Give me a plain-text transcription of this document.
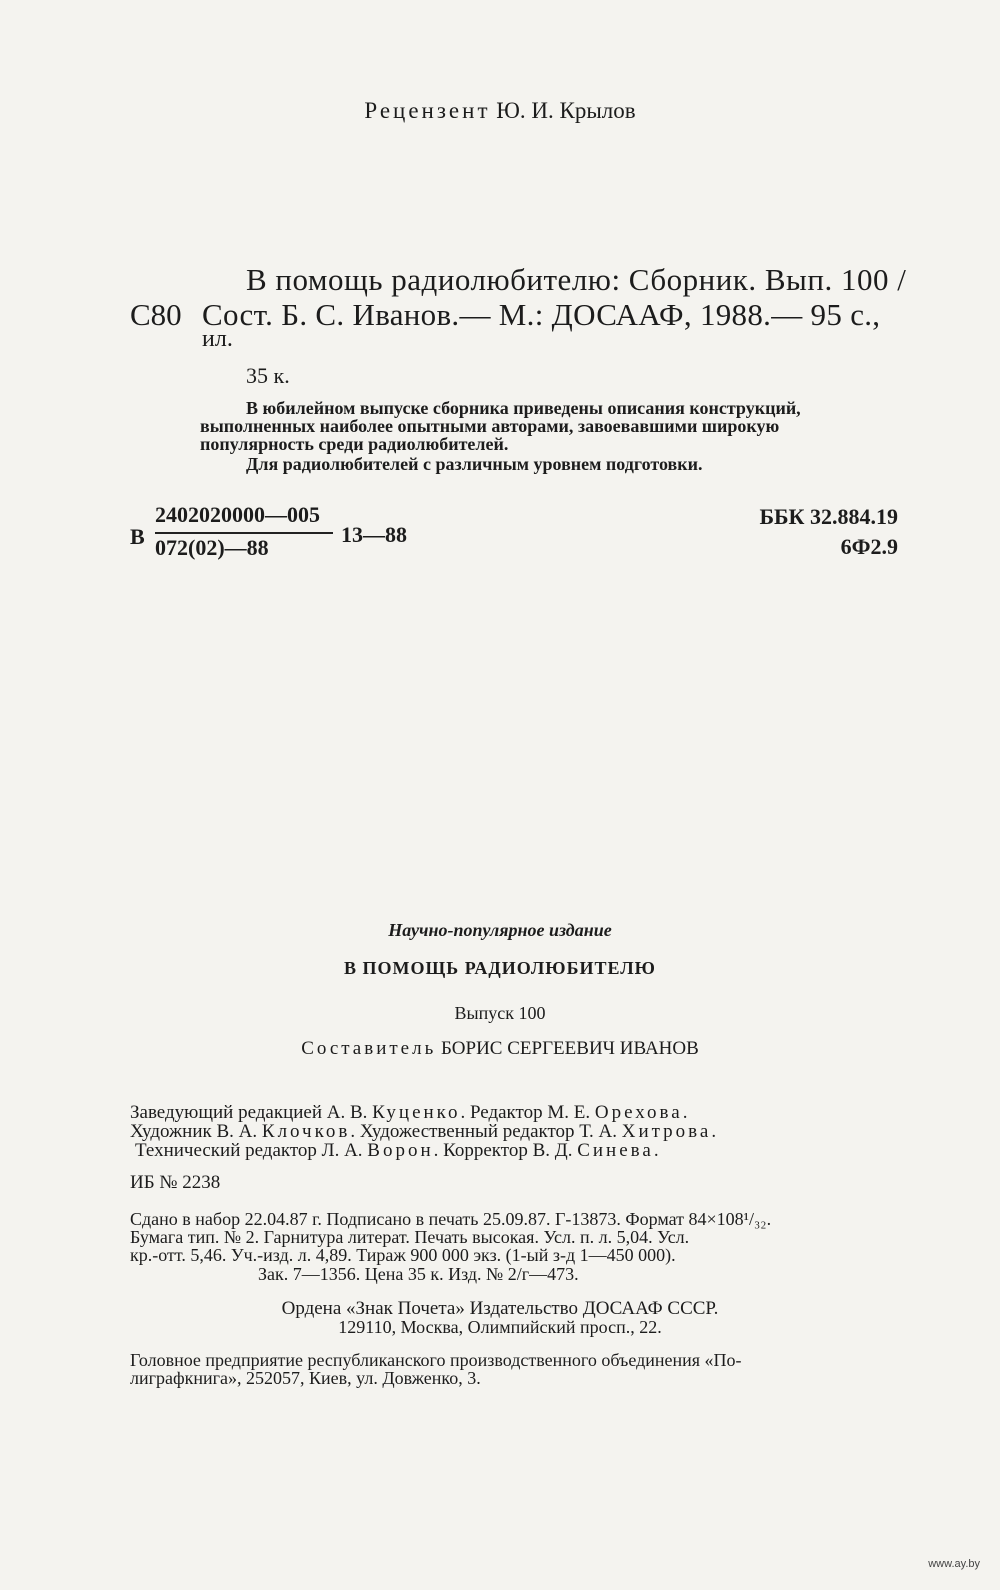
Рецензент Ю. И. Крылов
В помощь радиолюбителю: Сборник. Вып. 100 /
С80 Сост. Б. С. Иванов.— М.: ДОСААФ, 1988.— 95 с.,
ил.
35 к.
В юбилейном выпуске сборника приведены описания конструкций,
выполненных наиболее опытными авторами, завоевавшими широкую
популярность среди радиолюбителей.
Для радиолюбителей с различным уровнем подготовки.
В
2402020000—005
072(02)—88
13—88
ББК 32.884.19
6Ф2.9
Научно-популярное издание
В ПОМОЩЬ РАДИОЛЮБИТЕЛЮ
Выпуск 100
Составитель БОРИС СЕРГЕЕВИЧ ИВАНОВ
Заведующий редакцией А. В. Куценко. Редактор М. Е. Орехова.
Художник В. А. Клочков. Художественный редактор Т. А. Хитрова.
Технический редактор Л. А. Ворон. Корректор В. Д. Синева.
ИБ № 2238
Сдано в набор 22.04.87 г. Подписано в печать 25.09.87. Г-13873. Формат 84×108¹/₃₂.
Бумага тип. № 2. Гарнитура литерат. Печать высокая. Усл. п. л. 5,04. Усл.
кр.-отт. 5,46. Уч.-изд. л. 4,89. Тираж 900 000 экз. (1-ый з-д 1—450 000).
Зак. 7—1356. Цена 35 к. Изд. № 2/г—473.
Ордена «Знак Почета» Издательство ДОСААФ СССР.
129110, Москва, Олимпийский просп., 22.
Головное предприятие республиканского производственного объединения «По-
лиграфкнига», 252057, Киев, ул. Довженко, 3.
www.ay.by
